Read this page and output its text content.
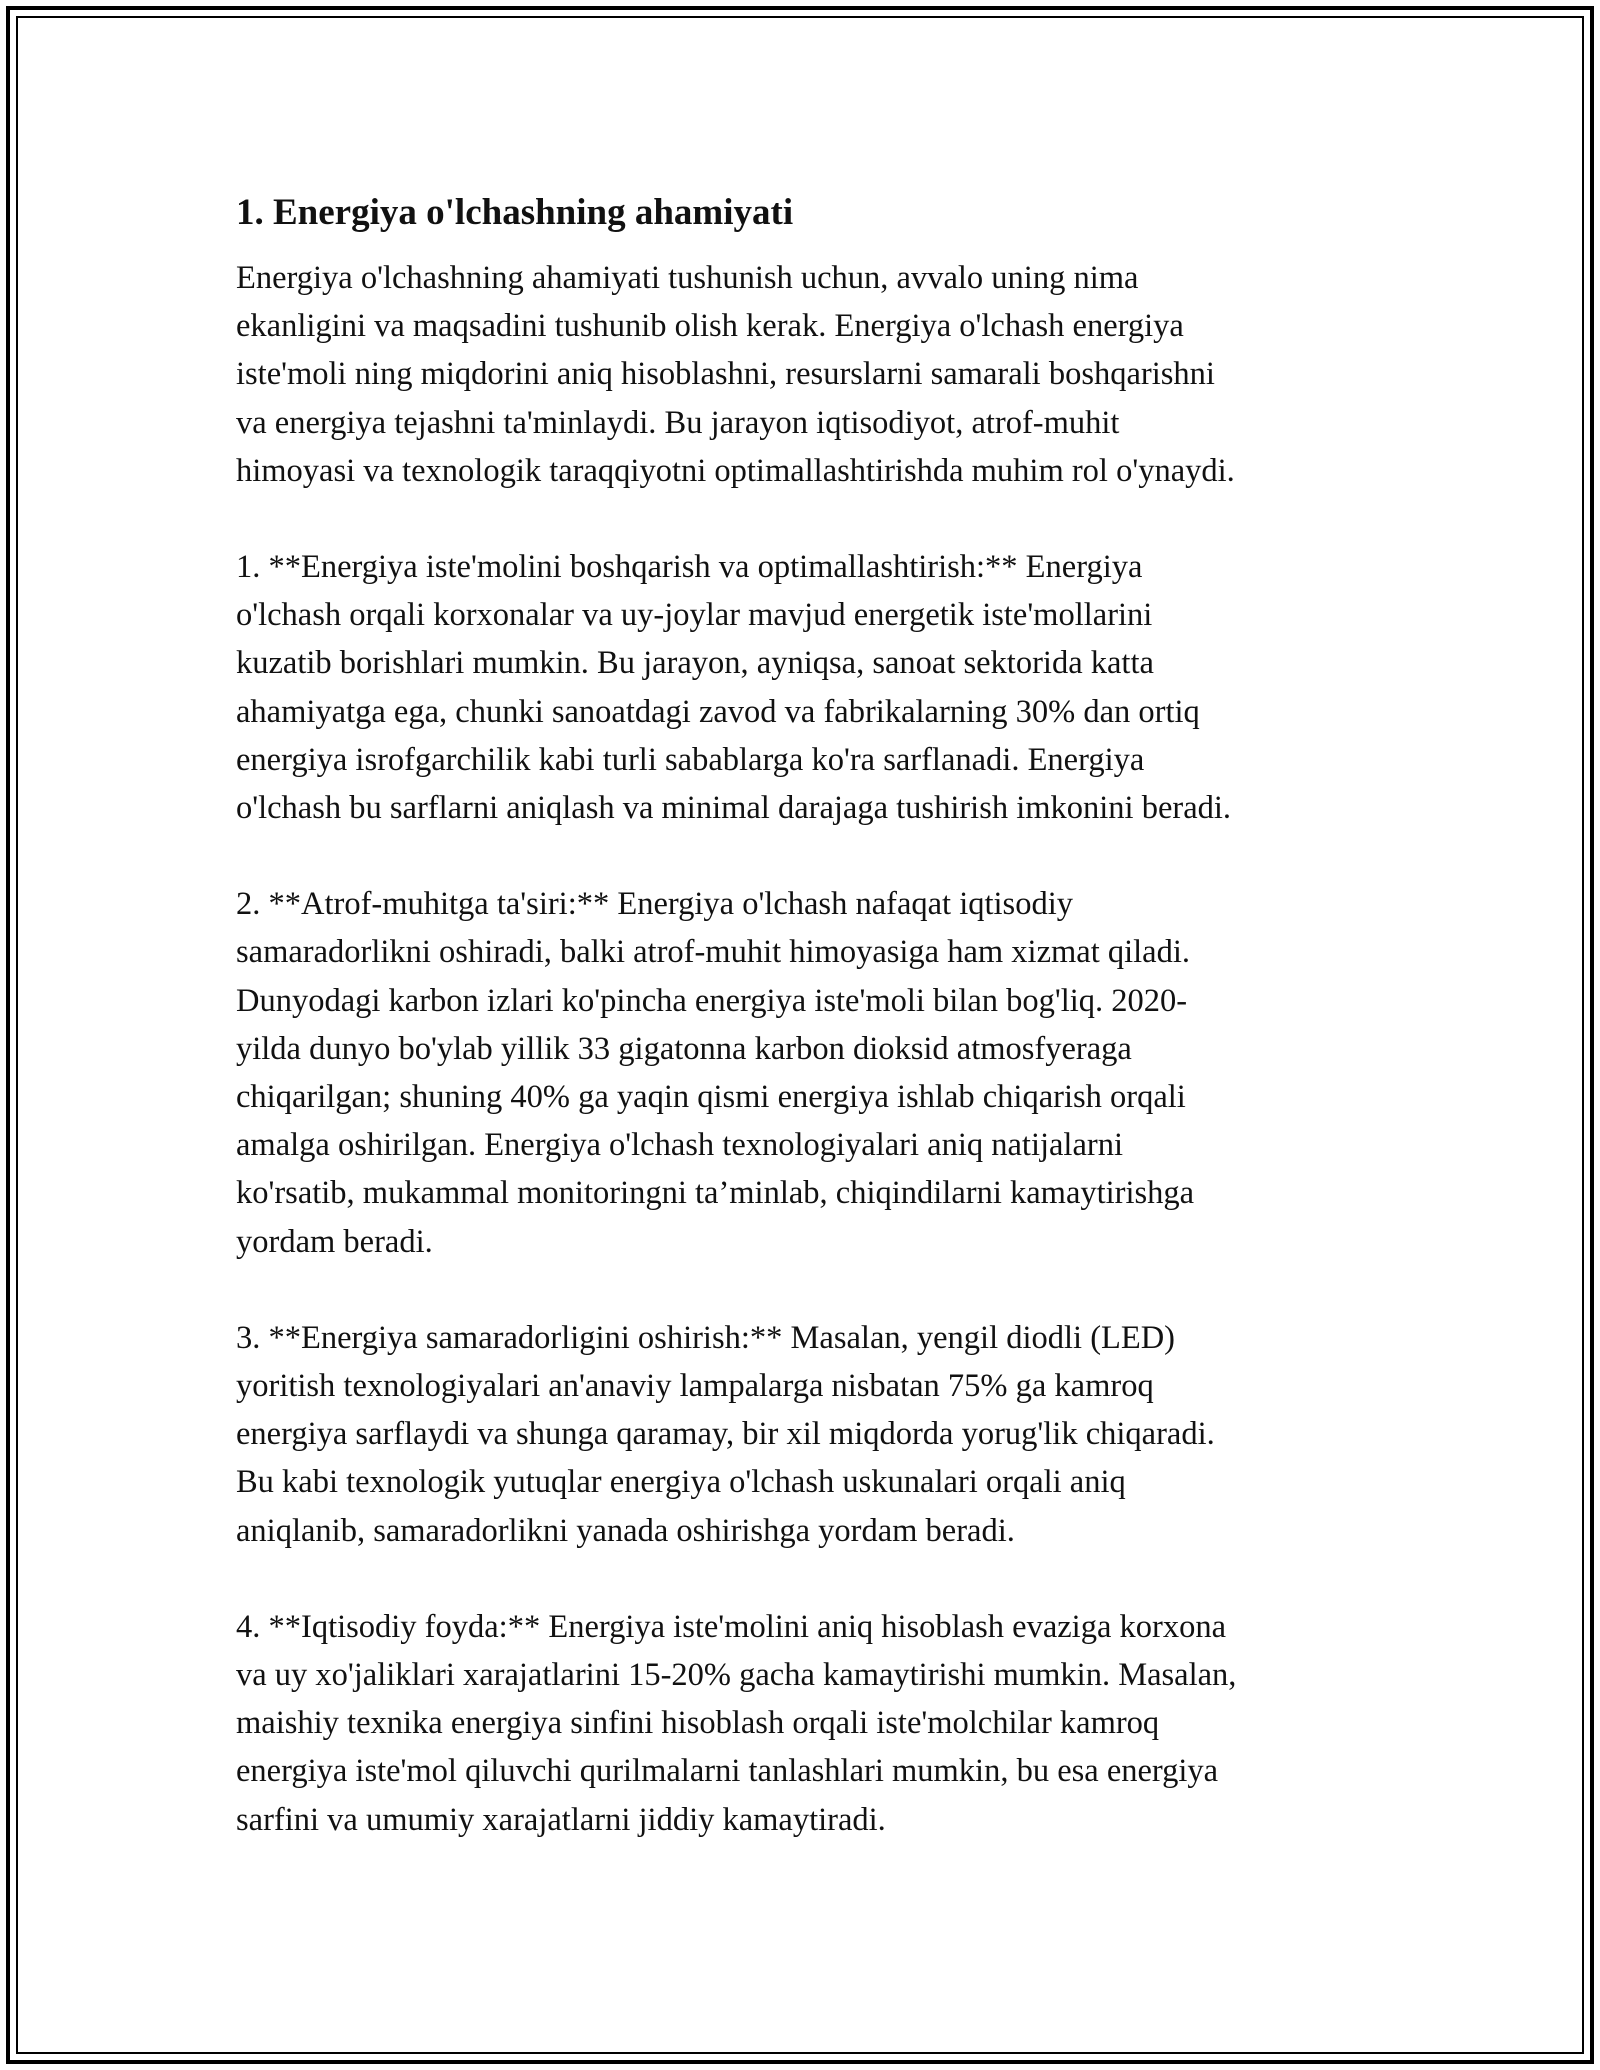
1. Energiya o'lchashning ahamiyati

Energiya o'lchashning ahamiyati tushunish uchun, avvalo uning nima
ekanligini va maqsadini tushunib olish kerak. Energiya o'lchash energiya
iste'moli ning miqdorini aniq hisoblashni, resurslarni samarali boshqarishni
va energiya tejashni ta'minlaydi. Bu jarayon iqtisodiyot, atrof-muhit
himoyasi va texnologik taraqqiyotni optimallashtirishda muhim rol o'ynaydi.

1. **Energiya iste'molini boshqarish va optimallashtirish:** Energiya
o'lchash orqali korxonalar va uy-joylar mavjud energetik iste'mollarini
kuzatib borishlari mumkin. Bu jarayon, ayniqsa, sanoat sektorida katta
ahamiyatga ega, chunki sanoatdagi zavod va fabrikalarning 30% dan ortiq
energiya isrofgarchilik kabi turli sabablarga ko'ra sarflanadi. Energiya
o'lchash bu sarflarni aniqlash va minimal darajaga tushirish imkonini beradi.

2. **Atrof-muhitga ta'siri:** Energiya o'lchash nafaqat iqtisodiy
samaradorlikni oshiradi, balki atrof-muhit himoyasiga ham xizmat qiladi.
Dunyodagi karbon izlari ko'pincha energiya iste'moli bilan bog'liq. 2020-
yilda dunyo bo'ylab yillik 33 gigatonna karbon dioksid atmosfyeraga
chiqarilgan; shuning 40% ga yaqin qismi energiya ishlab chiqarish orqali
amalga oshirilgan. Energiya o'lchash texnologiyalari aniq natijalarni
ko'rsatib, mukammal monitoringni ta’minlab, chiqindilarni kamaytirishga
yordam beradi.

3. **Energiya samaradorligini oshirish:** Masalan, yengil diodli (LED)
yoritish texnologiyalari an'anaviy lampalarga nisbatan 75% ga kamroq
energiya sarflaydi va shunga qaramay, bir xil miqdorda yorug'lik chiqaradi.
Bu kabi texnologik yutuqlar energiya o'lchash uskunalari orqali aniq
aniqlanib, samaradorlikni yanada oshirishga yordam beradi.

4. **Iqtisodiy foyda:** Energiya iste'molini aniq hisoblash evaziga korxona
va uy xo'jaliklari xarajatlarini 15-20% gacha kamaytirishi mumkin. Masalan,
maishiy texnika energiya sinfini hisoblash orqali iste'molchilar kamroq
energiya iste'mol qiluvchi qurilmalarni tanlashlari mumkin, bu esa energiya
sarfini va umumiy xarajatlarni jiddiy kamaytiradi.
